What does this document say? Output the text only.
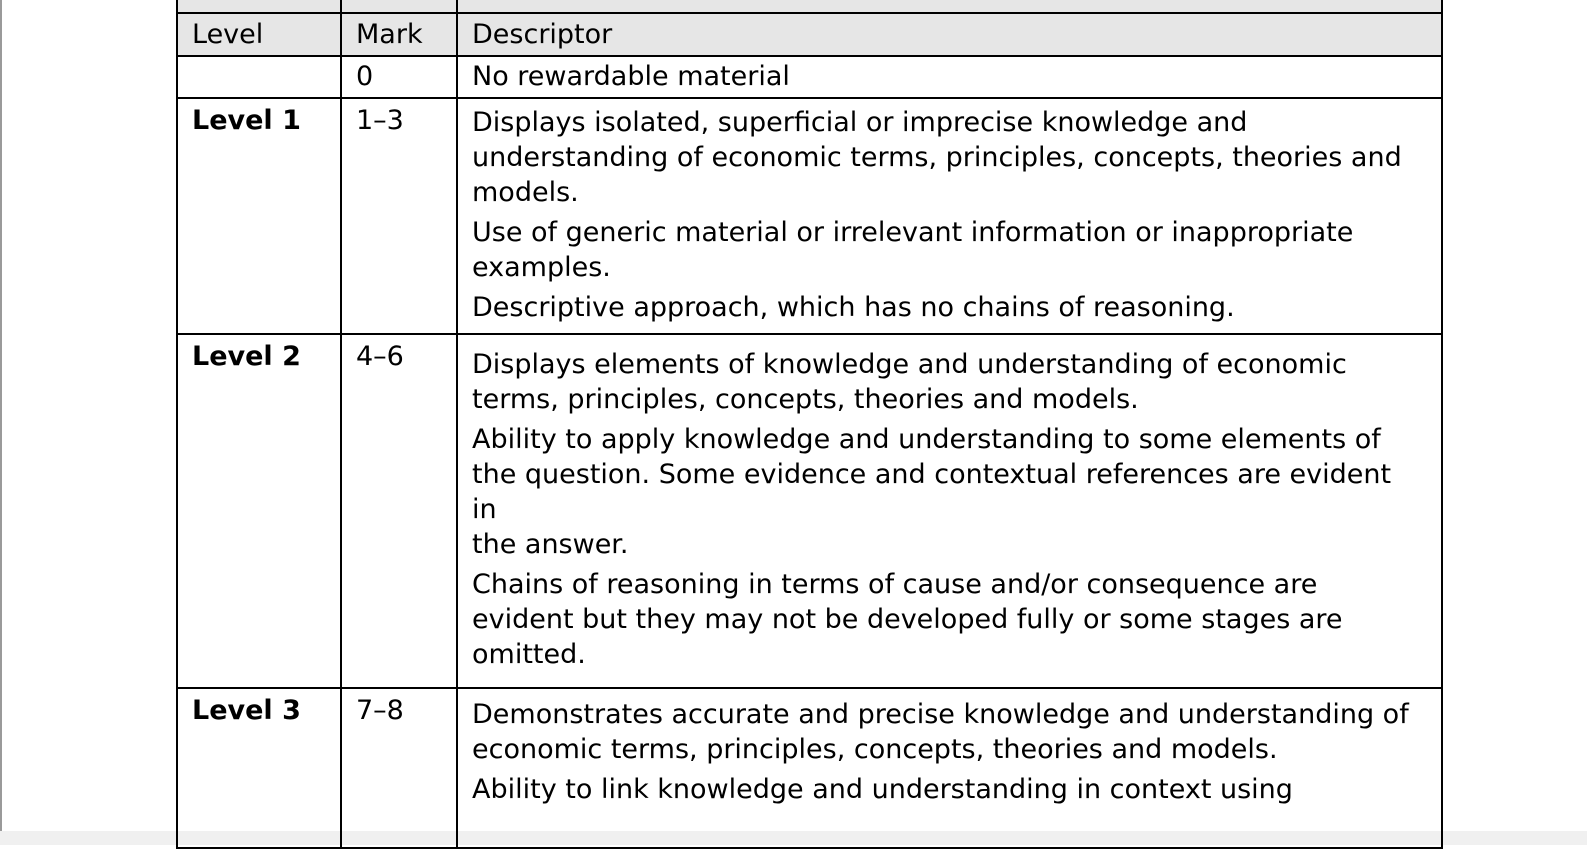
Level	Mark	Descriptor
	0	No rewardable material
Level 1	1–3	Displays isolated, superficial or imprecise knowledge and understanding of economic terms, principles, concepts, theories and models.

Use of generic material or irrelevant information or inappropriate examples.

Descriptive approach, which has no chains of reasoning.

Level 2	4–6	Displays elements of knowledge and understanding of economic terms, principles, concepts, theories and models.

Ability to apply knowledge and understanding to some elements of the question. Some evidence and contextual references are evident in

the answer.

Chains of reasoning in terms of cause and/or consequence are evident but they may not be developed fully or some stages are omitted.

Level 3	7–8	Demonstrates accurate and precise knowledge and understanding of economic terms, principles, concepts, theories and models.

Ability to link knowledge and understanding in context using
